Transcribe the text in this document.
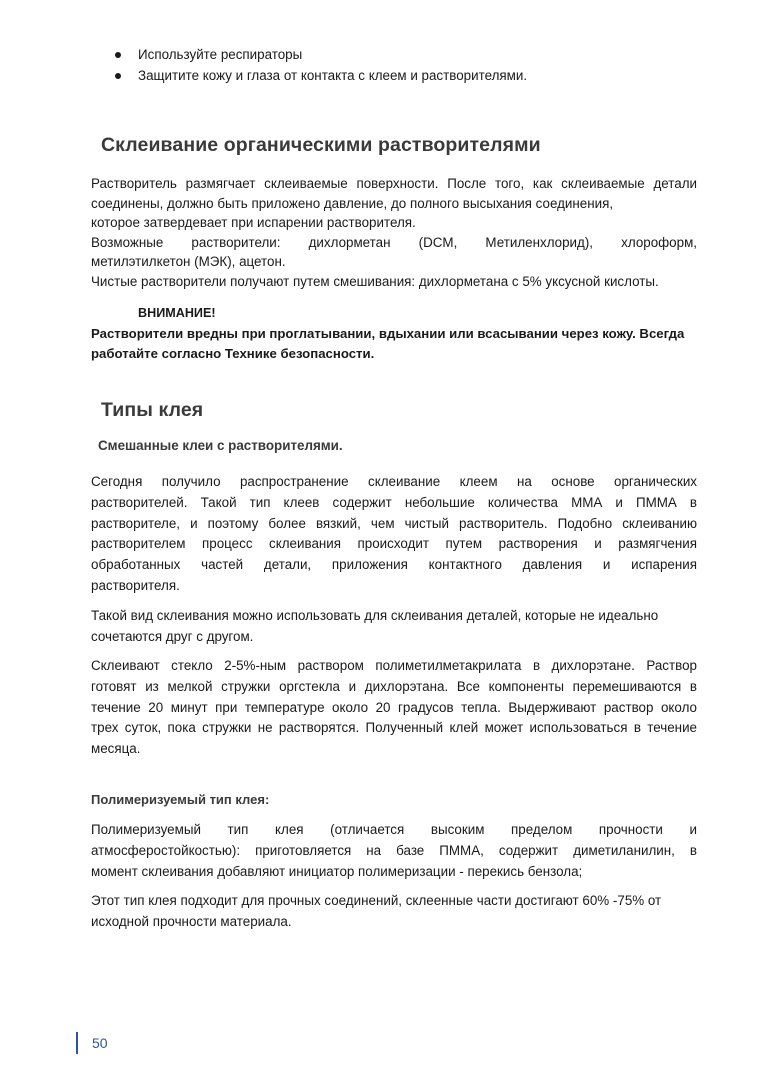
Используйте респираторы
Защитите кожу и глаза от контакта с клеем и растворителями.
Склеивание органическими растворителями

Растворитель размягчает склеиваемые поверхности. После того, как склеиваемые детали
соединены, должно быть приложено давление, до полного высыхания соединения,
которое затвердевает при испарении растворителя.
Возможные растворители: дихлорметан (DCM, Метиленхлорид), хлороформ,
метилэтилкетон (МЭК), ацетон.
Чистые растворители получают путем смешивания: дихлорметана с 5% уксусной кислоты.

ВНИМАНИЕ!
Растворители вредны при проглатывании, вдыхании или всасывании через кожу. Всегда
работайте согласно Технике безопасности.
Типы клея
Смешанные клеи с растворителями.

Сегодня получило распространение склеивание клеем на основе органических
растворителей. Такой тип клеев содержит небольшие количества ММА и ПММА в
растворителе, и поэтому более вязкий, чем чистый растворитель. Подобно склеиванию
растворителем процесс склеивания происходит путем растворения и размягчения
обработанных частей детали, приложения контактного давления и испарения
растворителя.

Такой вид склеивания можно использовать для склеивания деталей, которые не идеально
сочетаются друг с другом.

Склеивают стекло 2-5%-ным раствором полиметилметакрилата в дихлорэтане. Раствор
готовят из мелкой стружки оргстекла и дихлорэтана. Все компоненты перемешиваются в
течение 20 минут при температуре около 20 градусов тепла. Выдерживают раствор около
трех суток, пока стружки не растворятся. Полученный клей может использоваться в течение
месяца.

Полимеризуемый тип клея:

Полимеризуемый тип клея (отличается высоким пределом прочности и
атмосферостойкостью): приготовляется на базе ПММА, содержит диметиланилин, в
момент склеивания добавляют инициатор полимеризации - перекись бензола;

Этот тип клея подходит для прочных соединений, склеенные части достигают 60% -75% от
исходной прочности материала.

50
